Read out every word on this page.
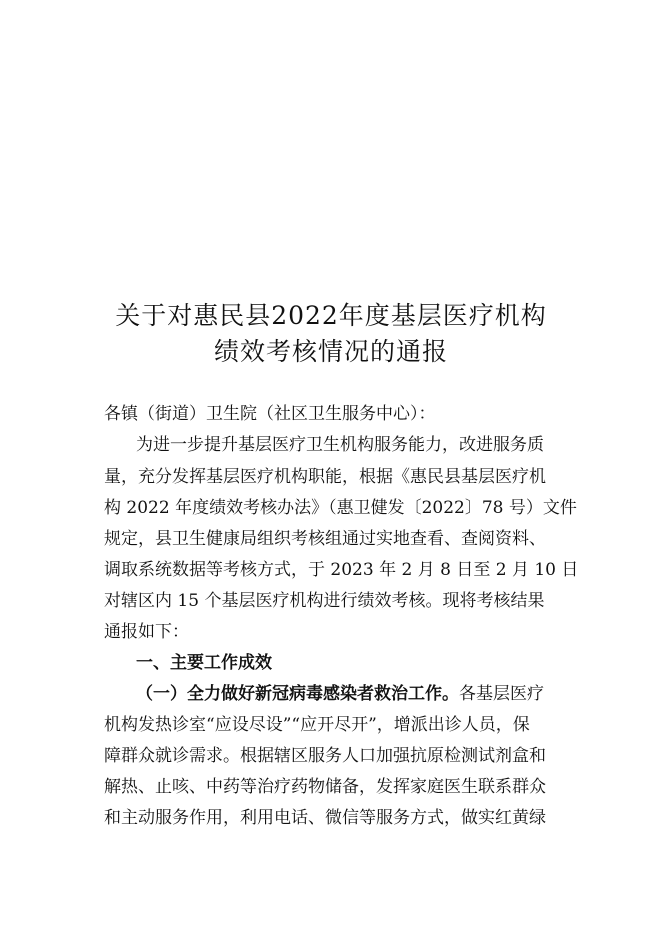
关于对惠民县2022年度基层医疗机构
绩效考核情况的通报
各镇（街道）卫生院（社区卫生服务中心）：
为进一步提升基层医疗卫生机构服务能力，改进服务质
量，充分发挥基层医疗机构职能，根据《惠民县基层医疗机
构 2022 年度绩效考核办法》（惠卫健发〔2022〕78 号）文件
规定，县卫生健康局组织考核组通过实地查看、查阅资料、
调取系统数据等考核方式，于 2023 年 2 月 8 日至 2 月 10 日
对辖区内 15 个基层医疗机构进行绩效考核。现将考核结果
通报如下：
一、主要工作成效
（一）全力做好新冠病毒感染者救治工作。各基层医疗
机构发热诊室“应设尽设”“应开尽开”，增派出诊人员，保
障群众就诊需求。根据辖区服务人口加强抗原检测试剂盒和
解热、止咳、中药等治疗药物储备，发挥家庭医生联系群众
和主动服务作用，利用电话、微信等服务方式，做实红黄绿
